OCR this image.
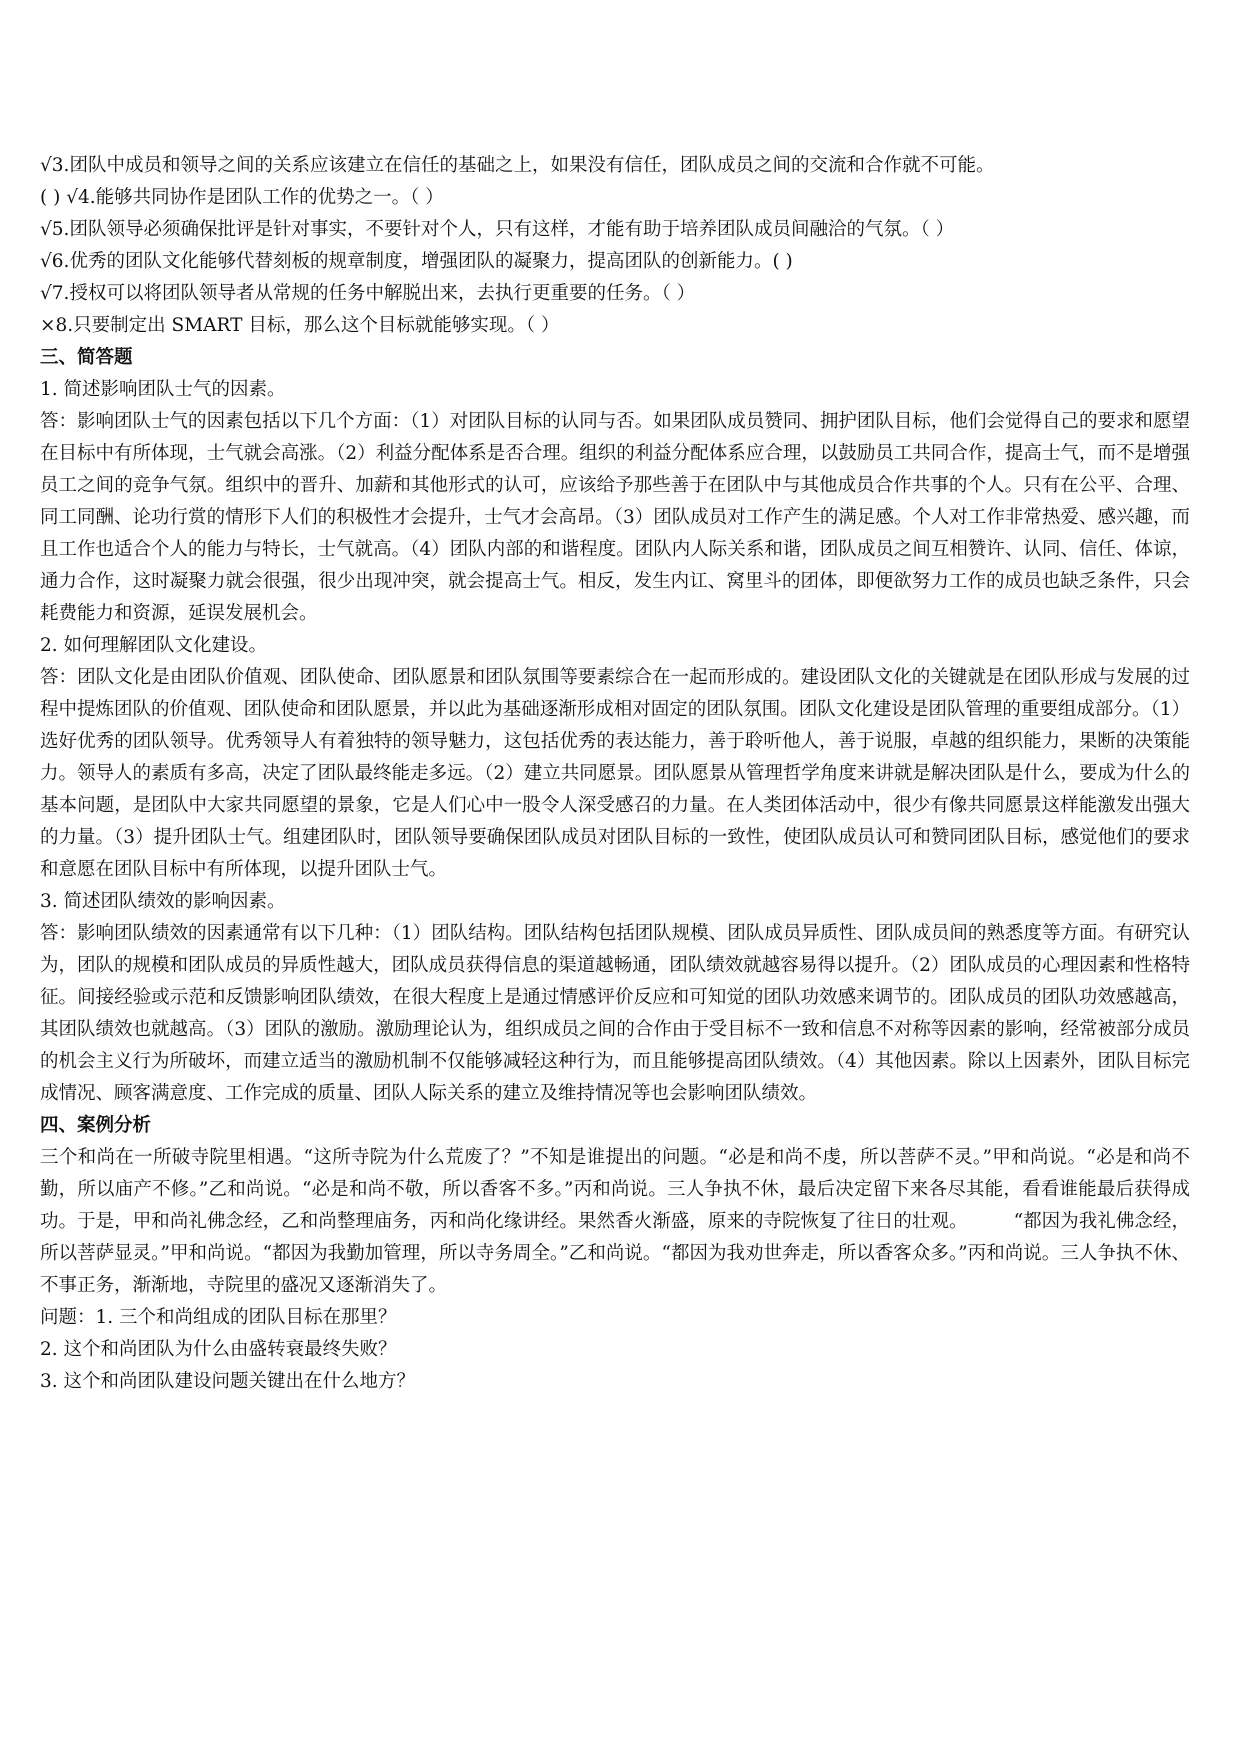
√3.团队中成员和领导之间的关系应该建立在信任的基础之上，如果没有信任，团队成员之间的交流和合作就不可能。
( ) √4.能够共同协作是团队工作的优势之一。（ ）
√5.团队领导必须确保批评是针对事实，不要针对个人，只有这样，才能有助于培养团队成员间融洽的气氛。（ ）
√6.优秀的团队文化能够代替刻板的规章制度，增强团队的凝聚力，提高团队的创新能力。( )
√7.授权可以将团队领导者从常规的任务中解脱出来，去执行更重要的任务。（ ）
×8.只要制定出 SMART 目标，那么这个目标就能够实现。（ ）
三、简答题
1. 简述影响团队士气的因素。

答：影响团队士气的因素包括以下几个方面：（1）对团队目标的认同与否。如果团队成员赞同、拥护团队目标，他们会觉得自己的要求和愿望在目标中有所体现，士气就会高涨。（2）利益分配体系是否合理。组织的利益分配体系应合理，以鼓励员工共同合作，提高士气，而不是增强员工之间的竞争气氛。组织中的晋升、加薪和其他形式的认可，应该给予那些善于在团队中与其他成员合作共事的个人。只有在公平、合理、同工同酬、论功行赏的情形下人们的积极性才会提升，士气才会高昂。（3）团队成员对工作产生的满足感。个人对工作非常热爱、感兴趣，而且工作也适合个人的能力与特长，士气就高。（4）团队内部的和谐程度。团队内人际关系和谐，团队成员之间互相赞许、认同、信任、体谅，通力合作，这时凝聚力就会很强，很少出现冲突，就会提高士气。相反，发生内讧、窝里斗的团体，即便欲努力工作的成员也缺乏条件，只会耗费能力和资源，延误发展机会。

2. 如何理解团队文化建设。

答：团队文化是由团队价值观、团队使命、团队愿景和团队氛围等要素综合在一起而形成的。建设团队文化的关键就是在团队形成与发展的过程中提炼团队的价值观、团队使命和团队愿景，并以此为基础逐渐形成相对固定的团队氛围。团队文化建设是团队管理的重要组成部分。（1）选好优秀的团队领导。优秀领导人有着独特的领导魅力，这包括优秀的表达能力，善于聆听他人，善于说服，卓越的组织能力，果断的决策能力。领导人的素质有多高，决定了团队最终能走多远。（2）建立共同愿景。团队愿景从管理哲学角度来讲就是解决团队是什么，要成为什么的基本问题，是团队中大家共同愿望的景象，它是人们心中一股令人深受感召的力量。在人类团体活动中，很少有像共同愿景这样能激发出强大的力量。（3）提升团队士气。组建团队时，团队领导要确保团队成员对团队目标的一致性，使团队成员认可和赞同团队目标，感觉他们的要求和意愿在团队目标中有所体现，以提升团队士气。

3. 简述团队绩效的影响因素。

答：影响团队绩效的因素通常有以下几种：（1）团队结构。团队结构包括团队规模、团队成员异质性、团队成员间的熟悉度等方面。有研究认为，团队的规模和团队成员的异质性越大，团队成员获得信息的渠道越畅通，团队绩效就越容易得以提升。（2）团队成员的心理因素和性格特征。间接经验或示范和反馈影响团队绩效，在很大程度上是通过情感评价反应和可知觉的团队功效感来调节的。团队成员的团队功效感越高，其团队绩效也就越高。（3）团队的激励。激励理论认为，组织成员之间的合作由于受目标不一致和信息不对称等因素的影响，经常被部分成员的机会主义行为所破坏，而建立适当的激励机制不仅能够减轻这种行为，而且能够提高团队绩效。（4）其他因素。除以上因素外，团队目标完成情况、顾客满意度、工作完成的质量、团队人际关系的建立及维持情况等也会影响团队绩效。

四、案例分析

三个和尚在一所破寺院里相遇。“这所寺院为什么荒废了？”不知是谁提出的问题。“必是和尚不虔，所以菩萨不灵。”甲和尚说。“必是和尚不勤，所以庙产不修。”乙和尚说。“必是和尚不敬，所以香客不多。”丙和尚说。三人争执不休，最后决定留下来各尽其能，看看谁能最后获得成功。于是，甲和尚礼佛念经，乙和尚整理庙务，丙和尚化缘讲经。果然香火渐盛，原来的寺院恢复了往日的壮观。 “都因为我礼佛念经，所以菩萨显灵。”甲和尚说。“都因为我勤加管理，所以寺务周全。”乙和尚说。“都因为我劝世奔走，所以香客众多。”丙和尚说。三人争执不休、不事正务，渐渐地，寺院里的盛况又逐渐消失了。

问题：1. 三个和尚组成的团队目标在那里？
2. 这个和尚团队为什么由盛转衰最终失败？
3. 这个和尚团队建设问题关键出在什么地方？
